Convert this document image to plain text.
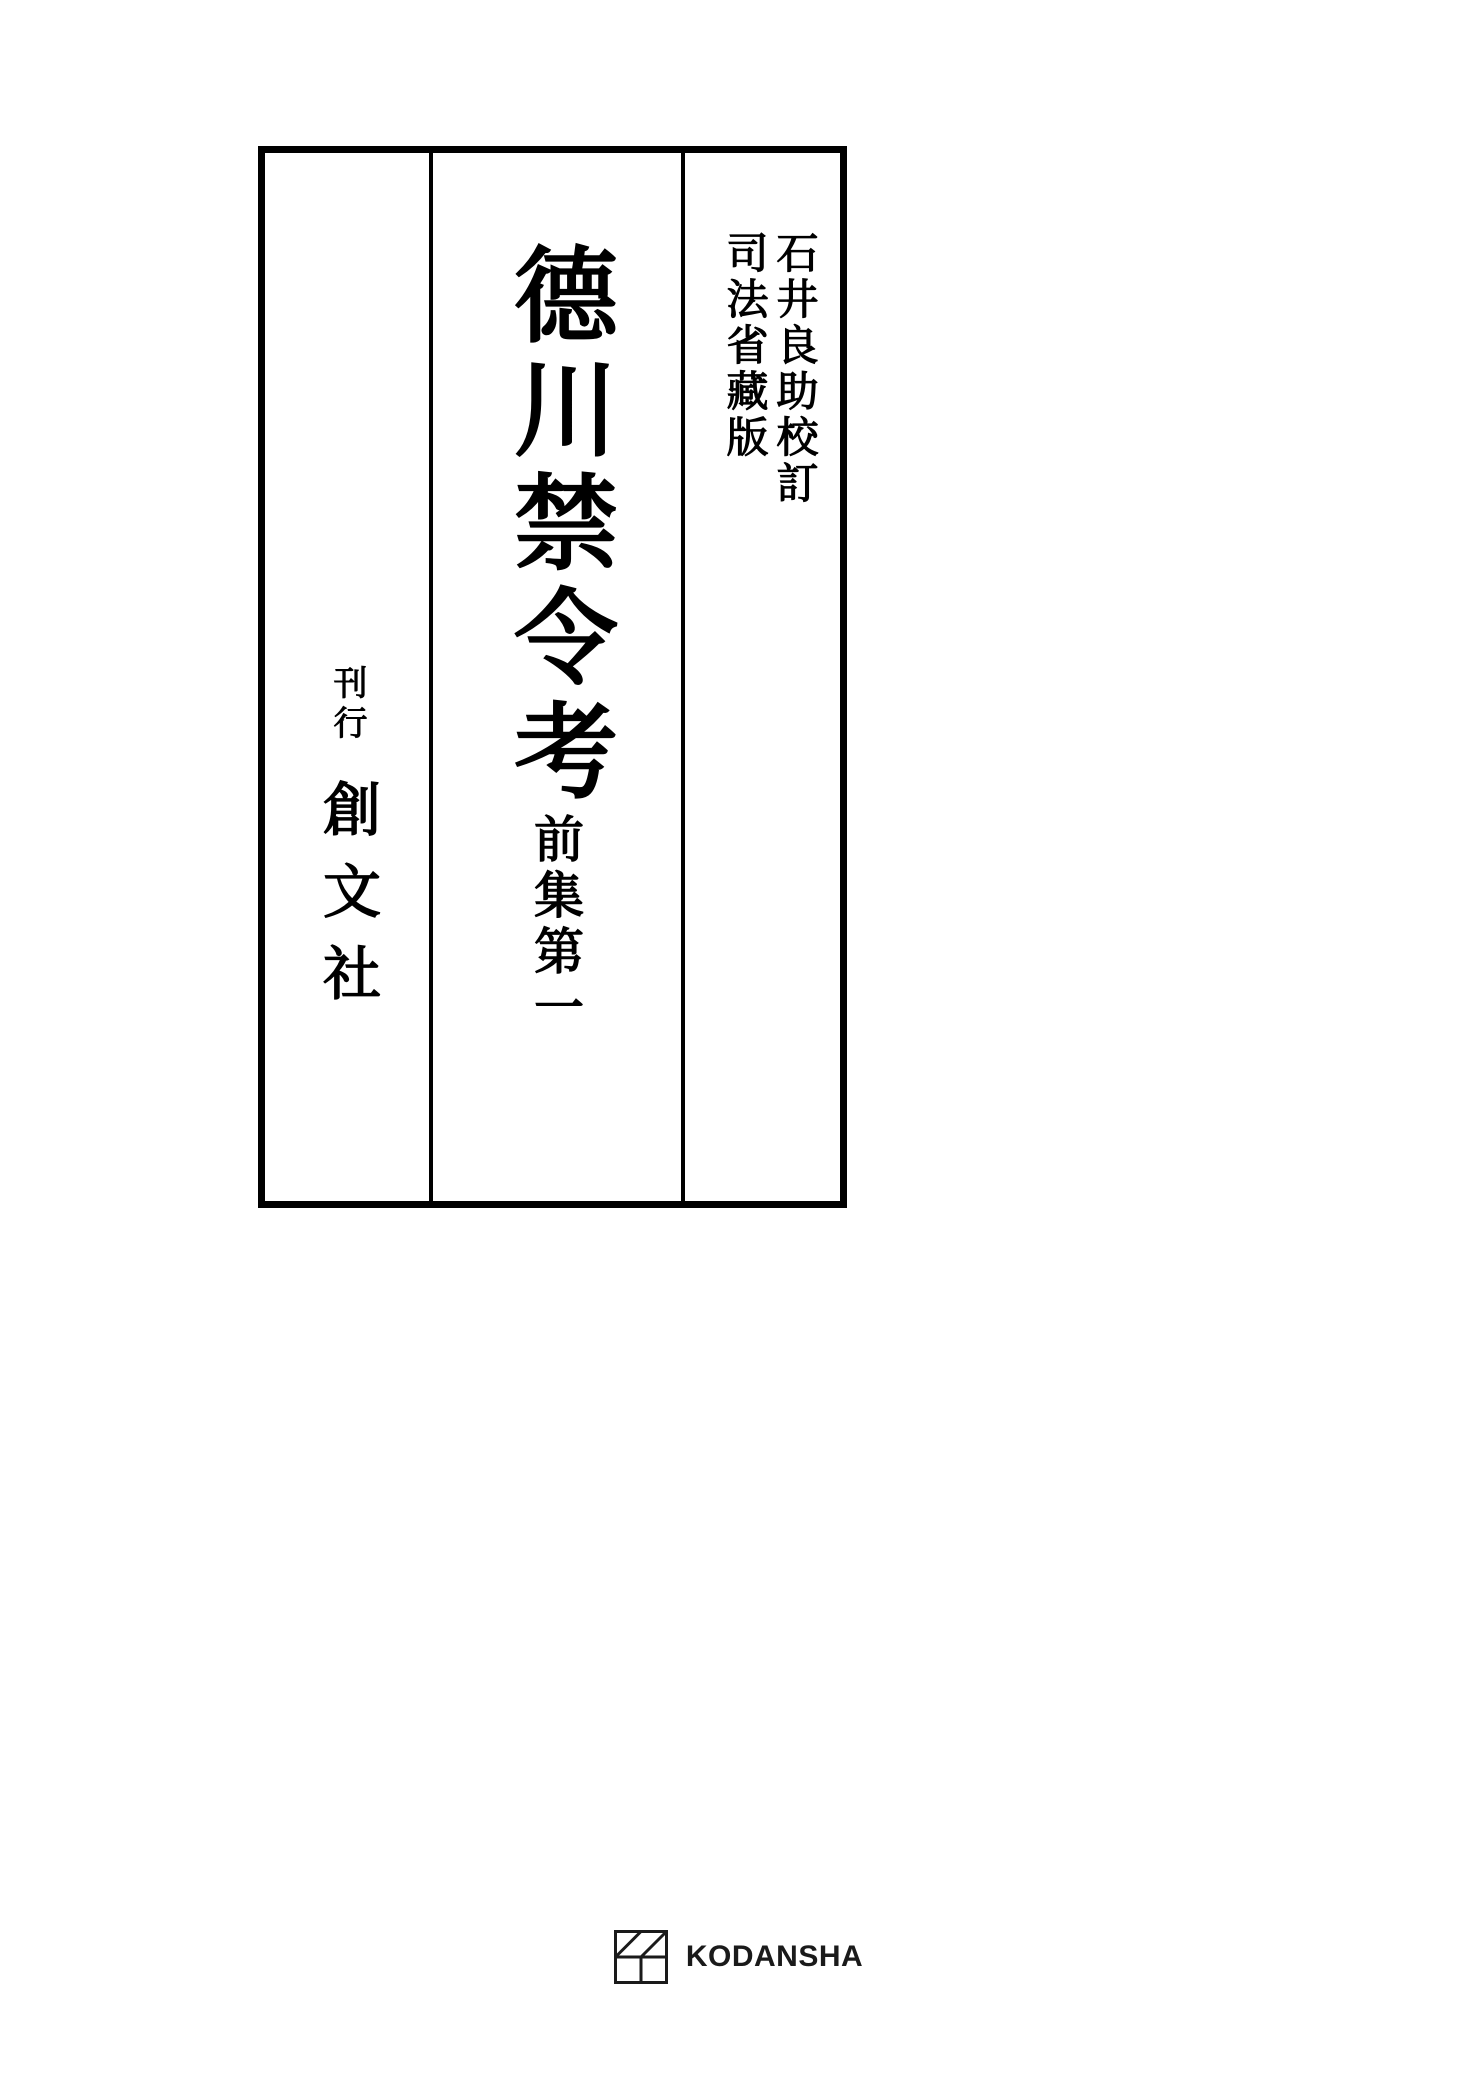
司法省藏版 石井良助校訂
德川禁令考
前集第一
刊行
創文社
KODANSHA
